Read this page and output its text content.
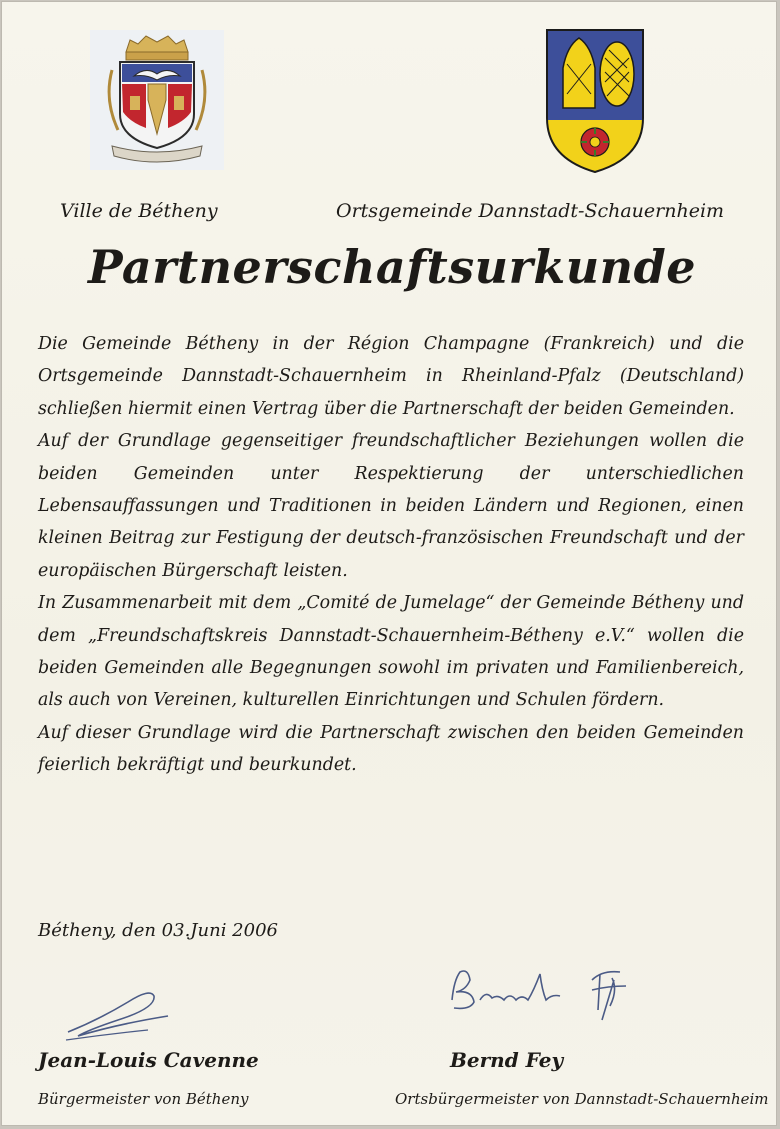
Ville de Bétheny	Ortsgemeinde Dannstadt-Schauernheim
Partnerschaftsurkunde

Die Gemeinde Bétheny in der Région Champagne (Frankreich) und die Ortsgemeinde Dannstadt-Schauernheim in Rheinland-Pfalz (Deutschland) schließen hiermit einen Vertrag über die Partnerschaft der beiden Gemeinden.

Auf der Grundlage gegenseitiger freundschaftlicher Beziehungen wollen die beiden Gemeinden unter Respektierung der unterschiedlichen Lebensauffassungen und Traditionen in beiden Ländern und Regionen, einen kleinen Beitrag zur Festigung der deutsch-französischen Freundschaft und der europäischen Bürgerschaft leisten.

In Zusammenarbeit mit dem „Comité de Jumelage“ der Gemeinde Bétheny und dem „Freundschaftskreis Dannstadt-Schauernheim-Bétheny e.V.“ wollen die beiden Gemeinden alle Begegnungen sowohl im privaten und Familienbereich, als auch von Vereinen, kulturellen Einrichtungen und Schulen fördern.

Auf dieser Grundlage wird die Partnerschaft zwischen den beiden Gemeinden feierlich bekräftigt und beurkundet.

Bétheny, den 03.Juni 2006
Jean-Louis Cavenne
Bürgermeister von Bétheny
Bernd Fey
Ortsbürgermeister von Dannstadt-Schauernheim
